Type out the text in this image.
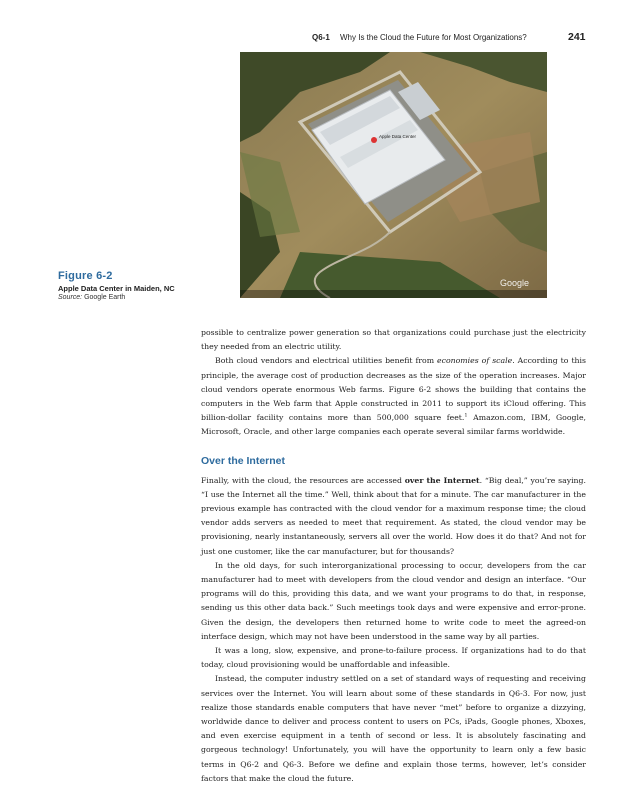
Q6-1 Why Is the Cloud the Future for Most Organizations?	241
Apple Data Center
Google
Figure 6-2
Apple Data Center in Maiden, NC
Source: Google Earth

possible to centralize power generation so that organizations could purchase just the electricity they needed from an electric utility.

Both cloud vendors and electrical utilities benefit from economies of scale. According to this principle, the average cost of production decreases as the size of the operation increases. Major cloud vendors operate enormous Web farms. Figure 6-2 shows the building that contains the computers in the Web farm that Apple constructed in 2011 to support its iCloud offering. This billion-dollar facility contains more than 500,000 square feet.$^1$ Amazon.com, IBM, Google, Microsoft, Oracle, and other large companies each operate several similar farms worldwide.

Over the Internet

Finally, with the cloud, the resources are accessed over the Internet. “Big deal,” you’re saying. “I use the Internet all the time.” Well, think about that for a minute. The car manufacturer in the previous example has contracted with the cloud vendor for a maximum response time; the cloud vendor adds servers as needed to meet that requirement. As stated, the cloud vendor may be provisioning, nearly instantaneously, servers all over the world. How does it do that? And not for just one customer, like the car manufacturer, but for thousands?

In the old days, for such interorganizational processing to occur, developers from the car manufacturer had to meet with developers from the cloud vendor and design an interface. “Our programs will do this, providing this data, and we want your programs to do that, in response, sending us this other data back.” Such meetings took days and were expensive and error-prone. Given the design, the developers then returned home to write code to meet the agreed-on interface design, which may not have been understood in the same way by all parties.

It was a long, slow, expensive, and prone-to-failure process. If organizations had to do that today, cloud provisioning would be unaffordable and infeasible.

Instead, the computer industry settled on a set of standard ways of requesting and receiving services over the Internet. You will learn about some of these standards in Q6-3. For now, just realize those standards enable computers that have never “met” before to organize a dizzying, worldwide dance to deliver and process content to users on PCs, iPads, Google phones, Xboxes, and even exercise equipment in a tenth of second or less. It is absolutely fascinating and gorgeous technology! Unfortunately, you will have the opportunity to learn only a few basic terms in Q6-2 and Q6-3. Before we define and explain those terms, however, let’s consider factors that make the cloud the future.
